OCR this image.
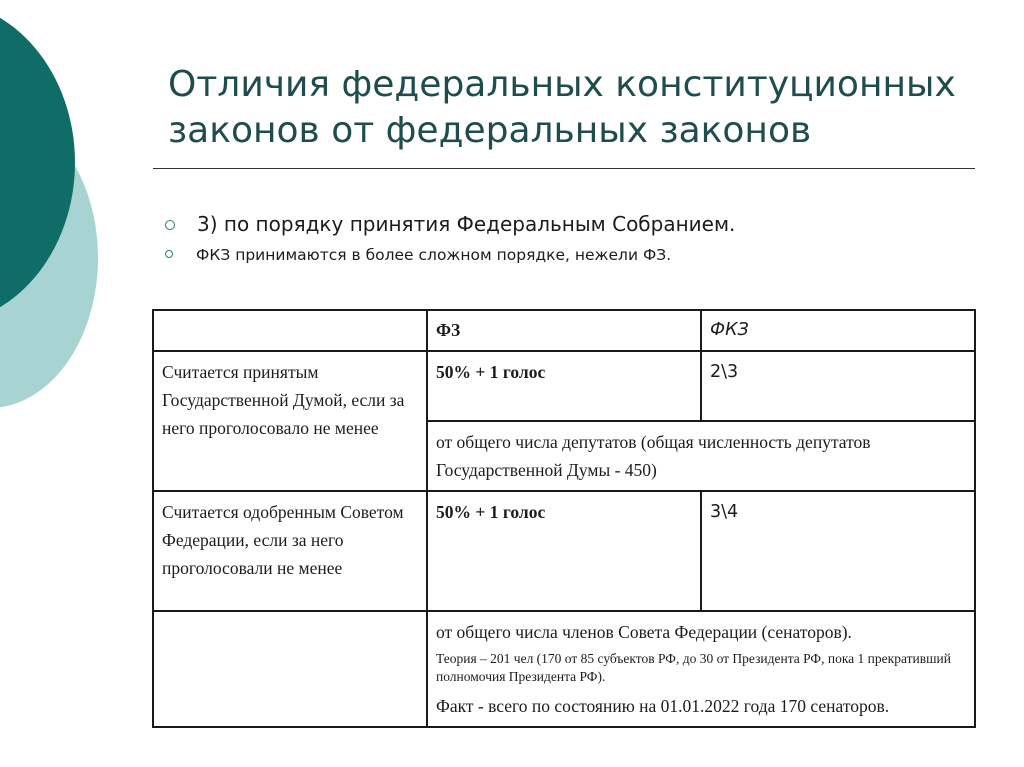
Отличия федеральных конституционных
законов от федеральных законов
3) по порядку принятия Федеральным Собранием.
ФКЗ принимаются в более сложном порядке, нежели ФЗ.
	ФЗ	ФКЗ
Считается принятым Государственной Думой, если за него проголосовало не менее	50% + 1 голос	2\3
	от общего числа депутатов (общая численность депутатов Государственной Думы - 450)	
Считается одобренным Советом Федерации, если за него проголосовали не менее	50% + 1 голос	3\4

	от общего числа членов Совета Федерации (сенаторов).
Теория – 201 чел (170 от 85 субъектов РФ, до 30 от Президента РФ, пока 1 прекративший полномочия Президента РФ).
Факт - всего по состоянию на 01.01.2022 года 170 сенаторов.	
